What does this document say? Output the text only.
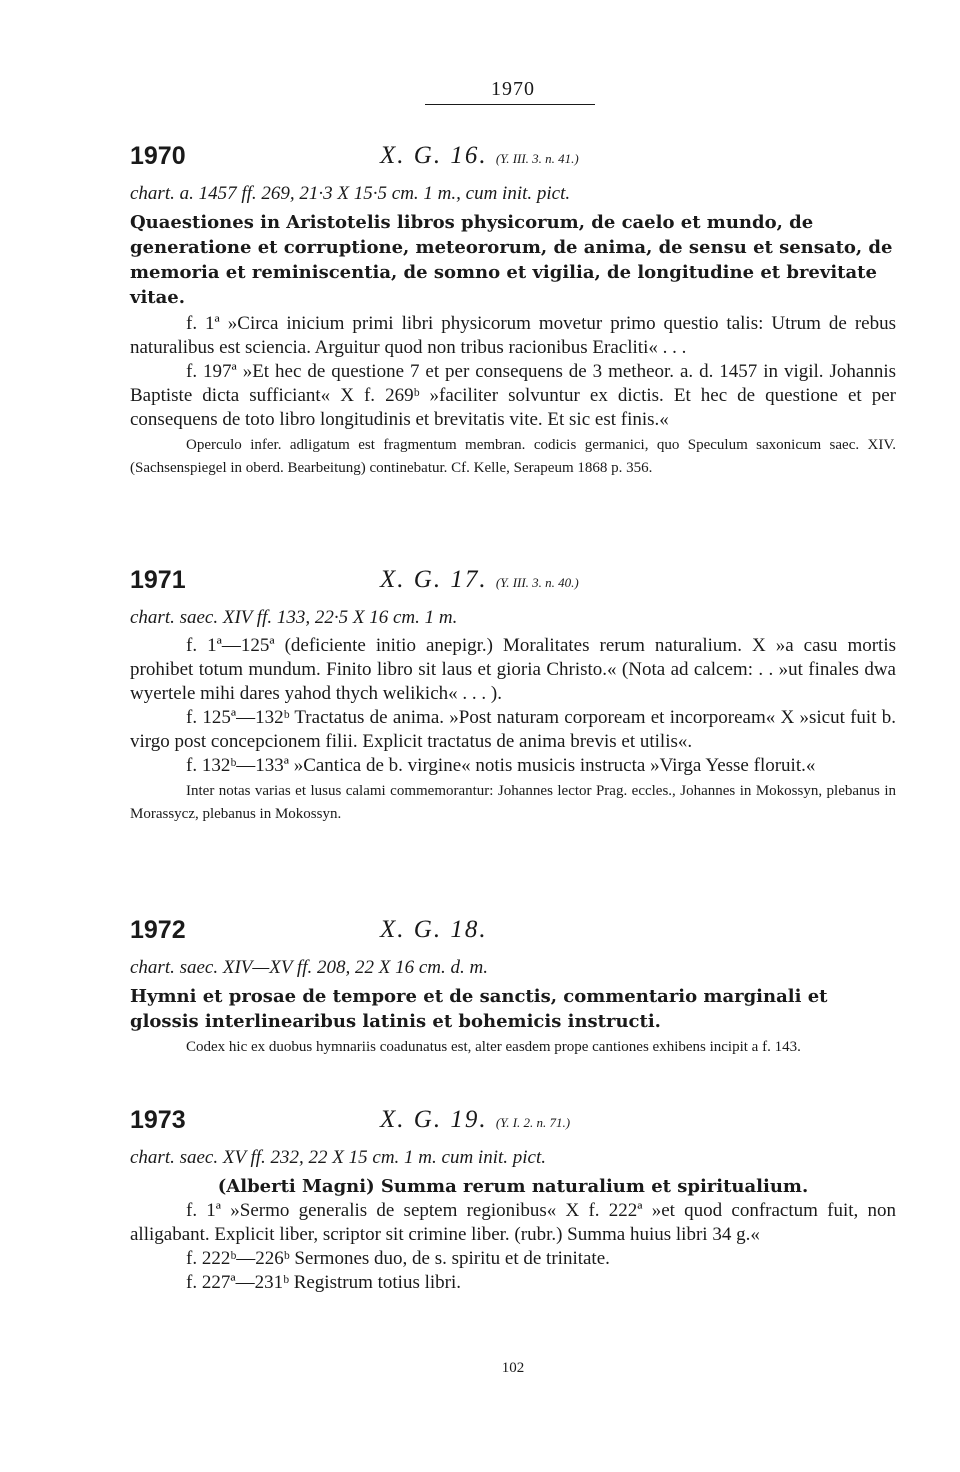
1970
1970	X. G. 16. (Y. III. 3. n. 41.)
chart. a. 1457 ff. 269, 21·3 X 15·5 cm. 1 m., cum init. pict.
Quaestiones in Aristotelis libros physicorum, de caelo et mundo, de generatione et corruptione, meteororum, de anima, de sensu et sensato, de memoria et reminiscentia, de somno et vigilia, de longitudine et brevitate vitae.
f. 1ª »Circa inicium primi libri physicorum movetur primo questio talis: Utrum de rebus naturalibus est sciencia. Arguitur quod non tribus racionibus Eracliti« . . .
f. 197ª »Et hec de questione 7 et per consequens de 3 metheor. a. d. 1457 in vigil. Johannis Baptiste dicta sufficiant« X f. 269ᵇ »faciliter solvuntur ex dictis. Et hec de questione et per consequens de toto libro longitudinis et brevitatis vite. Et sic est finis.«
Operculo infer. adligatum est fragmentum membran. codicis germanici, quo Speculum saxonicum saec. XIV. (Sachsenspiegel in oberd. Bearbeitung) continebatur. Cf. Kelle, Serapeum 1868 p. 356.
1971	X. G. 17. (Y. III. 3. n. 40.)
chart. saec. XIV ff. 133, 22·5 X 16 cm. 1 m.
f. 1ª—125ª (deficiente initio anepigr.) Moralitates rerum naturalium. X »a casu mortis prohibet totum mundum. Finito libro sit laus et gioria Christo.« (Nota ad calcem: . . »ut finales dwa wyertele mihi dares yahod thych welikich« . . . ).
f. 125ª—132ᵇ Tractatus de anima. »Post naturam corpoream et incorpoream« X »sicut fuit b. virgo post concepcionem filii. Explicit tractatus de anima brevis et utilis«.
f. 132ᵇ—133ª »Cantica de b. virgine« notis musicis instructa »Virga Yesse floruit.«
Inter notas varias et lusus calami commemorantur: Johannes lector Prag. eccles., Johannes in Mokossyn, plebanus in Morassycz, plebanus in Mokossyn.
1972	X. G. 18.
chart. saec. XIV—XV ff. 208, 22 X 16 cm. d. m.
Hymni et prosae de tempore et de sanctis, commentario marginali et glossis interlinearibus latinis et bohemicis instructi.
Codex hic ex duobus hymnariis coadunatus est, alter easdem prope cantiones exhibens incipit a f. 143.
1973	X. G. 19. (Y. I. 2. n. 71.)
chart. saec. XV ff. 232, 22 X 15 cm. 1 m. cum init. pict.
(Alberti Magni) Summa rerum naturalium et spiritualium.
f. 1ª »Sermo generalis de septem regionibus« X f. 222ª »et quod confractum fuit, non alligabant. Explicit liber, scriptor sit crimine liber. (rubr.) Summa huius libri 34 g.«
f. 222ᵇ—226ᵇ Sermones duo, de s. spiritu et de trinitate.
f. 227ª—231ᵇ Registrum totius libri.
102
